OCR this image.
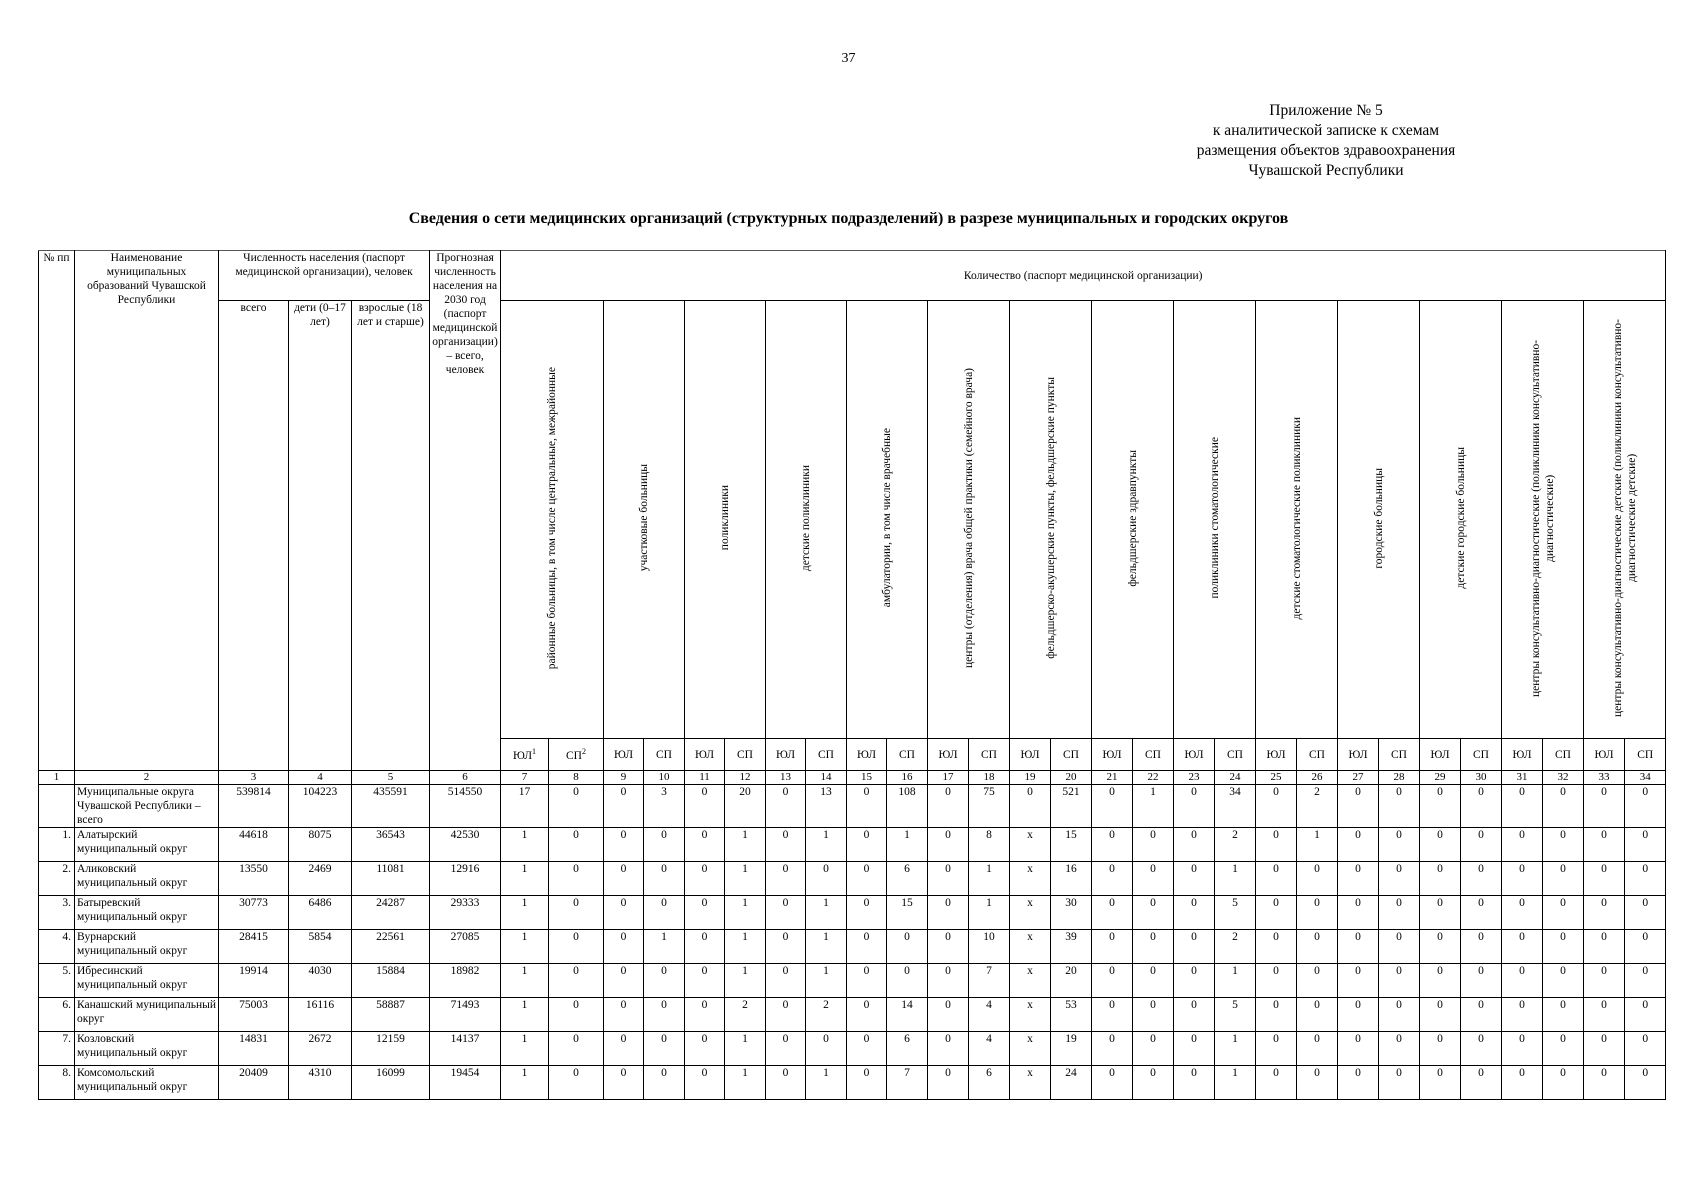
37
Приложение № 5
к аналитической записке к схемам
размещения объектов здравоохранения
Чувашской Республики
Сведения о сети медицинских организаций (структурных подразделений) в разрезе муниципальных и городских округов
№ пп	Наименование муниципальных образований Чувашской Республики	Численность населения (паспорт медицинской организации), человек			Прогнозная численность населения на 2030 год (паспорт медицинской организации) – всего, человек	Количество (паспорт медицинской организации)																											
		всего	дети (0–17 лет)	взрослые (18 лет и старше)		районные больницы, в том числе центральные, межрайонные		участковые больницы		поликлиники		детские поликлиники		амбулатории, в том числе врачебные		центры (отделения) врача общей практики (семейного врача)		фельдшерско-акушерские пункты, фельдшерские пункты		фельдшерские здравпункты		поликлиники стоматологические		детские стоматологические поликлиники		городские больницы		детские городские больницы		центры консультативно-диагностические (поликлиники консультативно-диагностические)		центры консультативно-диагностические детские (поликлиники консультативно-диагностические детские)	
						$ЮЛ^1$	$СП^2$	ЮЛ	СП	ЮЛ	СП	ЮЛ	СП	ЮЛ	СП	ЮЛ	СП	ЮЛ	СП	ЮЛ	СП	ЮЛ	СП	ЮЛ	СП	ЮЛ	СП	ЮЛ	СП	ЮЛ	СП	ЮЛ	СП
1	2	3	4	5	6	7	8	9	10	11	12	13	14	15	16	17	18	19	20	21	22	23	24	25	26	27	28	29	30	31	32	33	34
	Муниципальные округа Чувашской Республики – всего	539814	104223	435591	514550	17	0	0	3	0	20	0	13	0	108	0	75	0	521	0	1	0	34	0	2	0	0	0	0	0	0	0	0
1.	Алатырский муниципальный округ	44618	8075	36543	42530	1	0	0	0	0	1	0	1	0	1	0	8	х	15	0	0	0	2	0	1	0	0	0	0	0	0	0	0
2.	Аликовский муниципальный округ	13550	2469	11081	12916	1	0	0	0	0	1	0	0	0	6	0	1	х	16	0	0	0	1	0	0	0	0	0	0	0	0	0	0
3.	Батыревский муниципальный округ	30773	6486	24287	29333	1	0	0	0	0	1	0	1	0	15	0	1	х	30	0	0	0	5	0	0	0	0	0	0	0	0	0	0
4.	Вурнарский муниципальный округ	28415	5854	22561	27085	1	0	0	1	0	1	0	1	0	0	0	10	х	39	0	0	0	2	0	0	0	0	0	0	0	0	0	0
5.	Ибресинский муниципальный округ	19914	4030	15884	18982	1	0	0	0	0	1	0	1	0	0	0	7	х	20	0	0	0	1	0	0	0	0	0	0	0	0	0	0
6.	Канашский муниципальный округ	75003	16116	58887	71493	1	0	0	0	0	2	0	2	0	14	0	4	х	53	0	0	0	5	0	0	0	0	0	0	0	0	0	0
7.	Козловский муниципальный округ	14831	2672	12159	14137	1	0	0	0	0	1	0	0	0	6	0	4	х	19	0	0	0	1	0	0	0	0	0	0	0	0	0	0
8.	Комсомольский муниципальный округ	20409	4310	16099	19454	1	0	0	0	0	1	0	1	0	7	0	6	х	24	0	0	0	1	0	0	0	0	0	0	0	0	0	0
